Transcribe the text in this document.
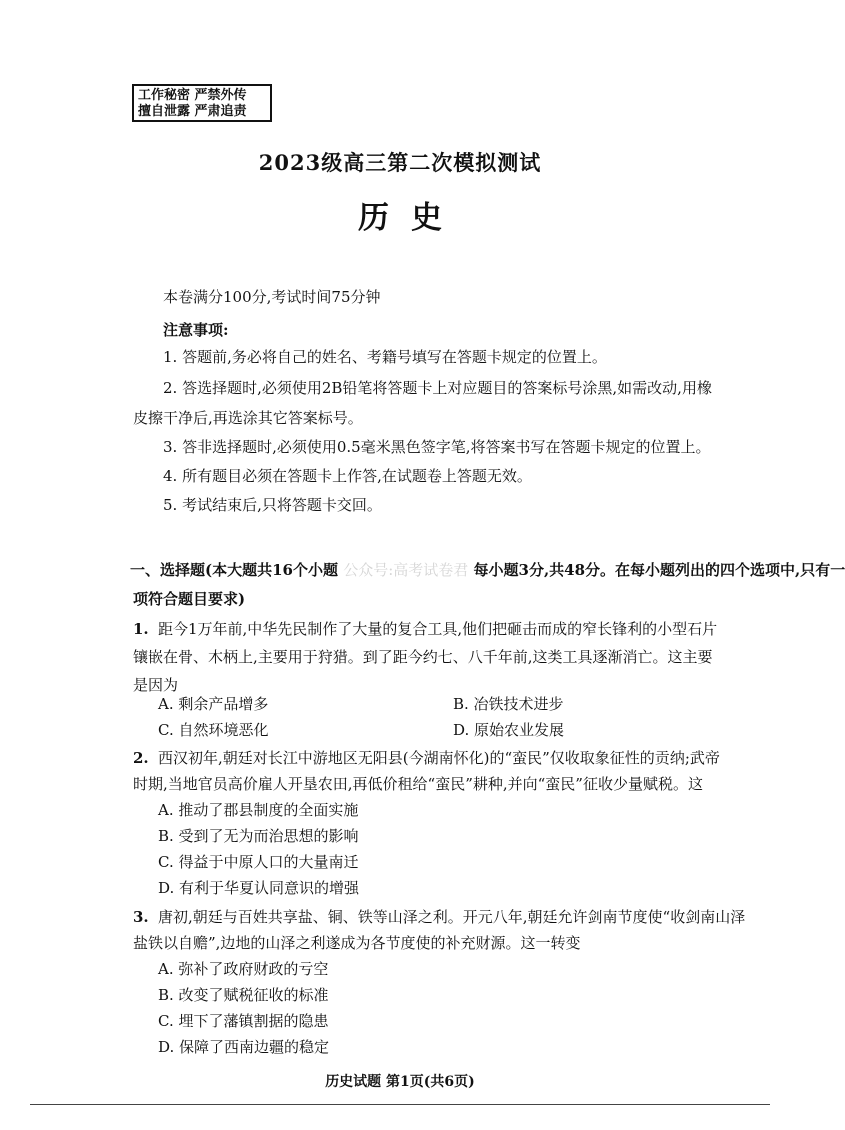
工作秘密 严禁外传
擅自泄露 严肃追责
2023级高三第二次模拟测试
历史
本卷满分100分,考试时间75分钟
注意事项:
1. 答题前,务必将自己的姓名、考籍号填写在答题卡规定的位置上。
2. 答选择题时,必须使用2B铅笔将答题卡上对应题目的答案标号涂黑,如需改动,用橡
皮擦干净后,再选涂其它答案标号。
3. 答非选择题时,必须使用0.5毫米黑色签字笔,将答案书写在答题卡规定的位置上。
4. 所有题目必须在答题卡上作答,在试题卷上答题无效。
5. 考试结束后,只将答题卡交回。
一、选择题(本大题共16个小题 公众号:高考试卷君 每小题3分,共48分。在每小题列出的四个选项中,只有一
项符合题目要求)
1. 距今1万年前,中华先民制作了大量的复合工具,他们把砸击而成的窄长锋利的小型石片
镶嵌在骨、木柄上,主要用于狩猎。到了距今约七、八千年前,这类工具逐渐消亡。这主要
是因为
A. 剩余产品增多	B. 冶铁技术进步
C. 自然环境恶化	D. 原始农业发展
2. 西汉初年,朝廷对长江中游地区无阳县(今湖南怀化)的“蛮民”仅收取象征性的贡纳;武帝
时期,当地官员高价雇人开垦农田,再低价租给“蛮民”耕种,并向“蛮民”征收少量赋税。这
A. 推动了郡县制度的全面实施
B. 受到了无为而治思想的影响
C. 得益于中原人口的大量南迁
D. 有利于华夏认同意识的增强
3. 唐初,朝廷与百姓共享盐、铜、铁等山泽之利。开元八年,朝廷允许剑南节度使“收剑南山泽
盐铁以自赡”,边地的山泽之利遂成为各节度使的补充财源。这一转变
A. 弥补了政府财政的亏空
B. 改变了赋税征收的标准
C. 埋下了藩镇割据的隐患
D. 保障了西南边疆的稳定
历史试题 第1页(共6页)
